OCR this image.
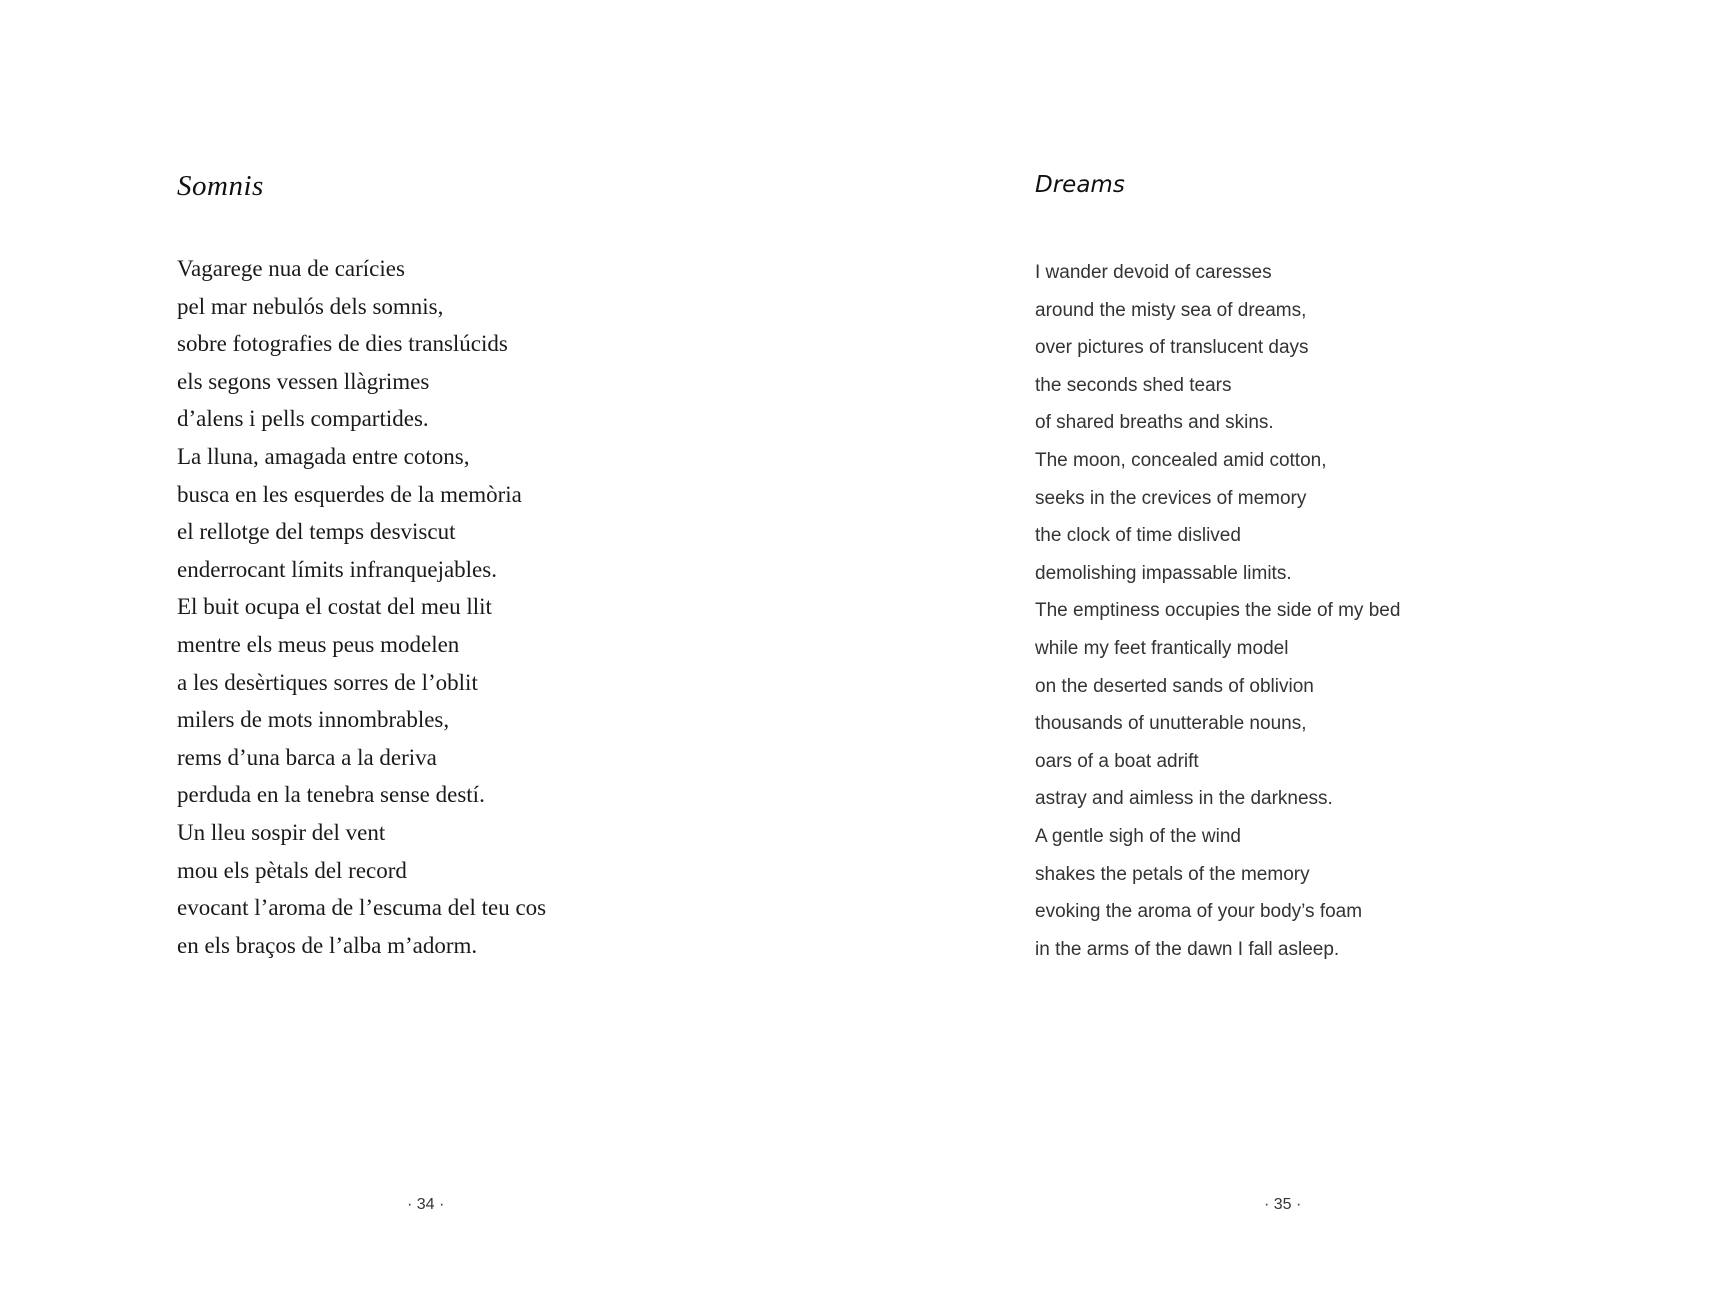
Somnis
Vagarege nua de carícies
pel mar nebulós dels somnis,
sobre fotografies de dies translúcids
els segons vessen llàgrimes
d’alens i pells compartides.
La lluna, amagada entre cotons,
busca en les esquerdes de la memòria
el rellotge del temps desviscut
enderrocant límits infranquejables.
El buit ocupa el costat del meu llit
mentre els meus peus modelen
a les desèrtiques sorres de l’oblit
milers de mots innombrables,
rems d’una barca a la deriva
perduda en la tenebra sense destí.
Un lleu sospir del vent
mou els pètals del record
evocant l’aroma de l’escuma del teu cos
en els braços de l’alba m’adorm.
· 34 ·
Dreams
I wander devoid of caresses
around the misty sea of dreams,
over pictures of translucent days
the seconds shed tears
of shared breaths and skins.
The moon, concealed amid cotton,
seeks in the crevices of memory
the clock of time dislived
demolishing impassable limits.
The emptiness occupies the side of my bed
while my feet frantically model
on the deserted sands of oblivion
thousands of unutterable nouns,
oars of a boat adrift
astray and aimless in the darkness.
A gentle sigh of the wind
shakes the petals of the memory
evoking the aroma of your body’s foam
in the arms of the dawn I fall asleep.
· 35 ·
